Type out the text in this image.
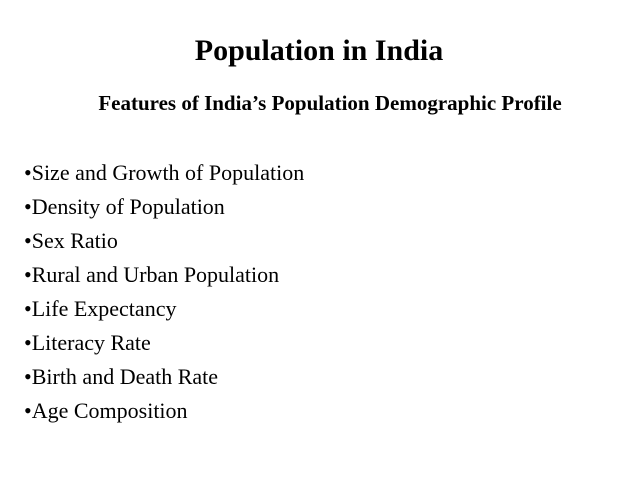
Population in India
Features of India’s Population Demographic Profile
•Size and Growth of Population
•Density of Population
•Sex Ratio
•Rural and Urban Population
•Life Expectancy
•Literacy Rate
•Birth and Death Rate
•Age Composition
